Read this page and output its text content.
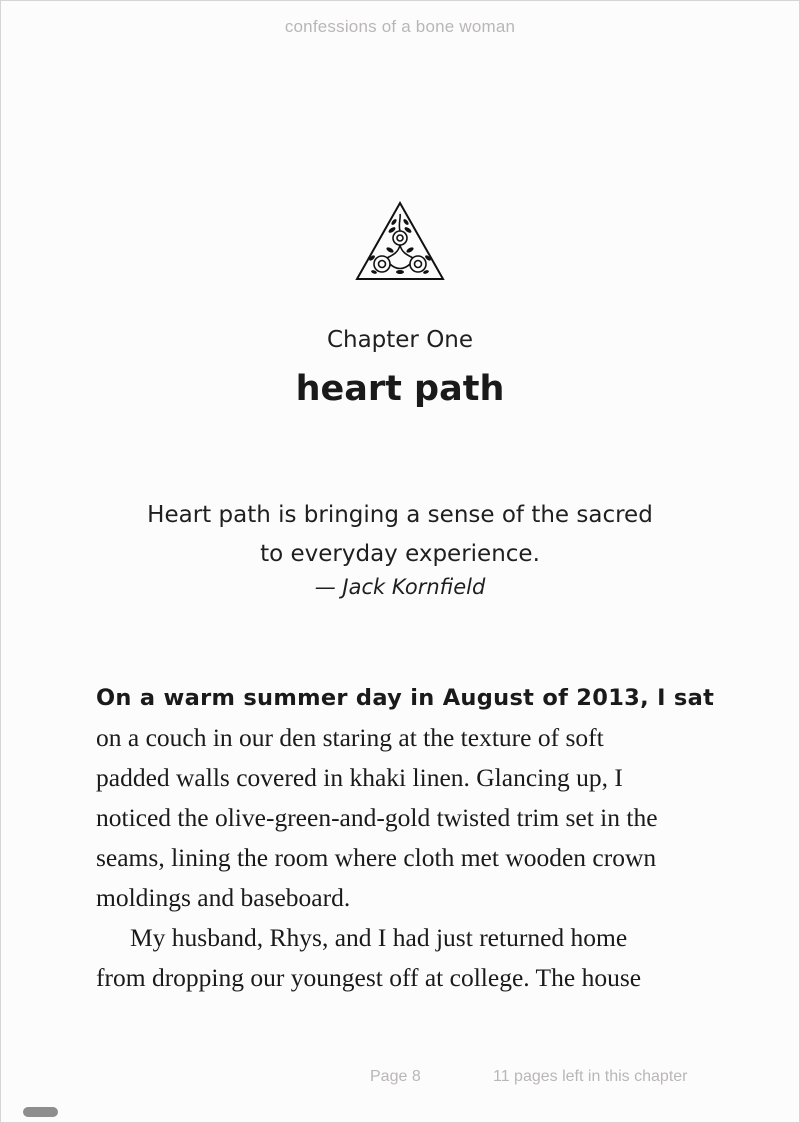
confessions of a bone woman
Chapter One
heart path
Heart path is bringing a sense of the sacred
to everyday experience.
— Jack Kornfield
On a warm summer day in August of 2013, I sat
on a couch in our den staring at the texture of soft
padded walls covered in khaki linen. Glancing up, I
noticed the olive-green-and-gold twisted trim set in the
seams, lining the room where cloth met wooden crown
moldings and baseboard.
My husband, Rhys, and I had just returned home
from dropping our youngest off at college. The house
Page 8	11 pages left in this chapter
